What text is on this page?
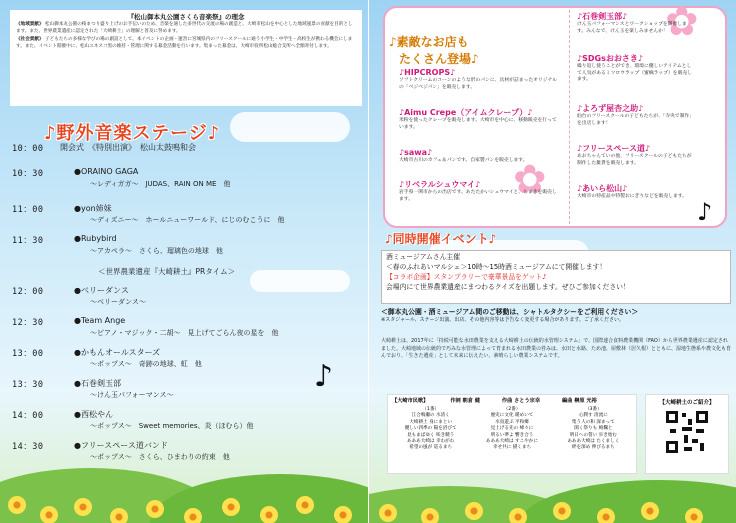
『松山御本丸公園さくら音楽祭』の理念
《地域貢献》 松山御本丸公園の桜まつり盛り上げのお手伝いのため、音楽を通した多世代の交流の場の創造と、大崎市松山を中心とした地域風景の貢献を目的とします。また、世界農業遺産に認定された「大崎耕土」の理解と普及に努めます。
《社会貢献》 子どもたちの多様な学びの場の創設として、本イベントの企画・運営に宮城県内のフリースクールに通う小学生・中学生・高校生が携わる機会にします。また、イベント開催中に、松山ユネスコ黒の維持・管理に関する募金活動を行います。集まった募金は、大崎市役所松山総合支所へ全額寄付します。
♪野外音楽ステージ♪
10：00	開会式　《特別出演》　松山太鼓鳴和会
10：30	●ORAINO GAGA
～レディガガ～　JUDAS、RAIN ON ME　他
11：00	●yon姉妹
～ディズニー～　ホールニューワールド、にじのむこうに　他
11：30	●Rubybird
～アカペラ～　さくら、瑠璃色の地球　他
12：00	●ベリーダンス
～ベリーダンス～
12：30	●Team Ange
～ピアノ・マジック・二胡～　見上げてごらん夜の星を　他
13：00	●かもんオールスターズ
～ポップス～　奇跡の地球、虹　他
13：30	●石巻剣玉部
～けん玉パフォーマンス～
14：00	●西松やん
～ポップス～　Sweet memories、炎（ほむら）他
14：30	●フリースペース道バンド
～ポップス～　さくら、ひまわりの約束　他
＜世界農業遺産『大崎耕土』PRタイム＞
♪
✿
✿
♪
♪素敵なお店も
たくさん登場♪
♪HIPCROPS♪
ソフトクリームのコーンのような形のパンに、具材が詰まったオリジナルの「ベジベジパン」を販売します。
♪Aimu Crepe（アイムクレープ）♪
米粉を使ったクレープを販売します。大崎市を中心に、移動販売を行っています。
♪sawa♪
大崎市古川のカフェ＆パンです。自家製パンを販売します。
♪リベラルシュウマイ♪
岩手県一関市からの出店です。あたたかいシュウマイと、ちまきを販売します。
♪石巻剣玉部♪
けん玉パフォーマンスとワークショップを開催します。みんなで、けん玉を楽しみませんか！
♪SDGsおおさき♪
繰り返し使うことができ、環境に優しいアイテムとして人気があるミツロウラップ（蜜蝋ラップ）を販売します。
♪よろず屋杏之助♪
仙台のフリースクールの子どもたちが、「寺央で制作」を出店します！
♪フリースペース道♪
あおちゃんていの他、フリースクールの子どもたちが制作した雑貨を販売します。
♪あいら松山♪
大崎市の特産品や特製おにぎりなどを販売します。
♪同時開催イベント♪
酒ミュージアムさん主催
＜春のふれあいマルシェ＞10時～15時酒ミュージアムにて開催します！
【コラボ企画】スタンプラリーで豪華景品をゲット♪
会場内にて世界農業遺産にまつわるクイズを出題します。ぜひご参加ください！
＜御本丸公園・酒ミュージアム間のご移動は、シャトルタクシーをご利用ください＞
※スタジャール、ステージ出演、出店、その他内容等は予告なく変更する場合があります。ご了承ください。
大崎耕土は、2017年に「持続可能な水田農業を支える大崎耕土の伝統的水管理システム」で、国際連合食料農業機関（FAO）から世界農業遺産に認定されました。大崎地域の伝統的で巧みな水管理によって育まれる水田農業の営みは、水田と水路、ため池、屋敷林（居久根）とともに、湿地生態系や農文化も育んでおり、「生きた遺産」として未来に伝えたい、素晴らしい農業システムです。
【大崎市民歌】	作詞 朝倉 健	作曲 さとう宗幸	編曲 榊原 光裕
（1番）
江合鳴瀬の 水清く
大崎耕土 身にまとい
優しい四季の 陽を浴びて
見もまばゆく 咲き競う
あああ大崎は 幸わがわ
希望の風が 巡るまち
（2番）
歴史に文化 暖めいて
水鳥遊ぶ 平和郷
見上げる先の 峰々に
明るい夢よ 響き合う
あああ大崎は すこやかに
幸せ共に 描くまち
（3番）
心潤す 清流に
集う人の和 深まって
開く祭りも 絢爛と
明日への誓い 歩き始む
あああ大崎は たくましく
絆を深め 伸びるまち
【大崎耕土のご紹介】
